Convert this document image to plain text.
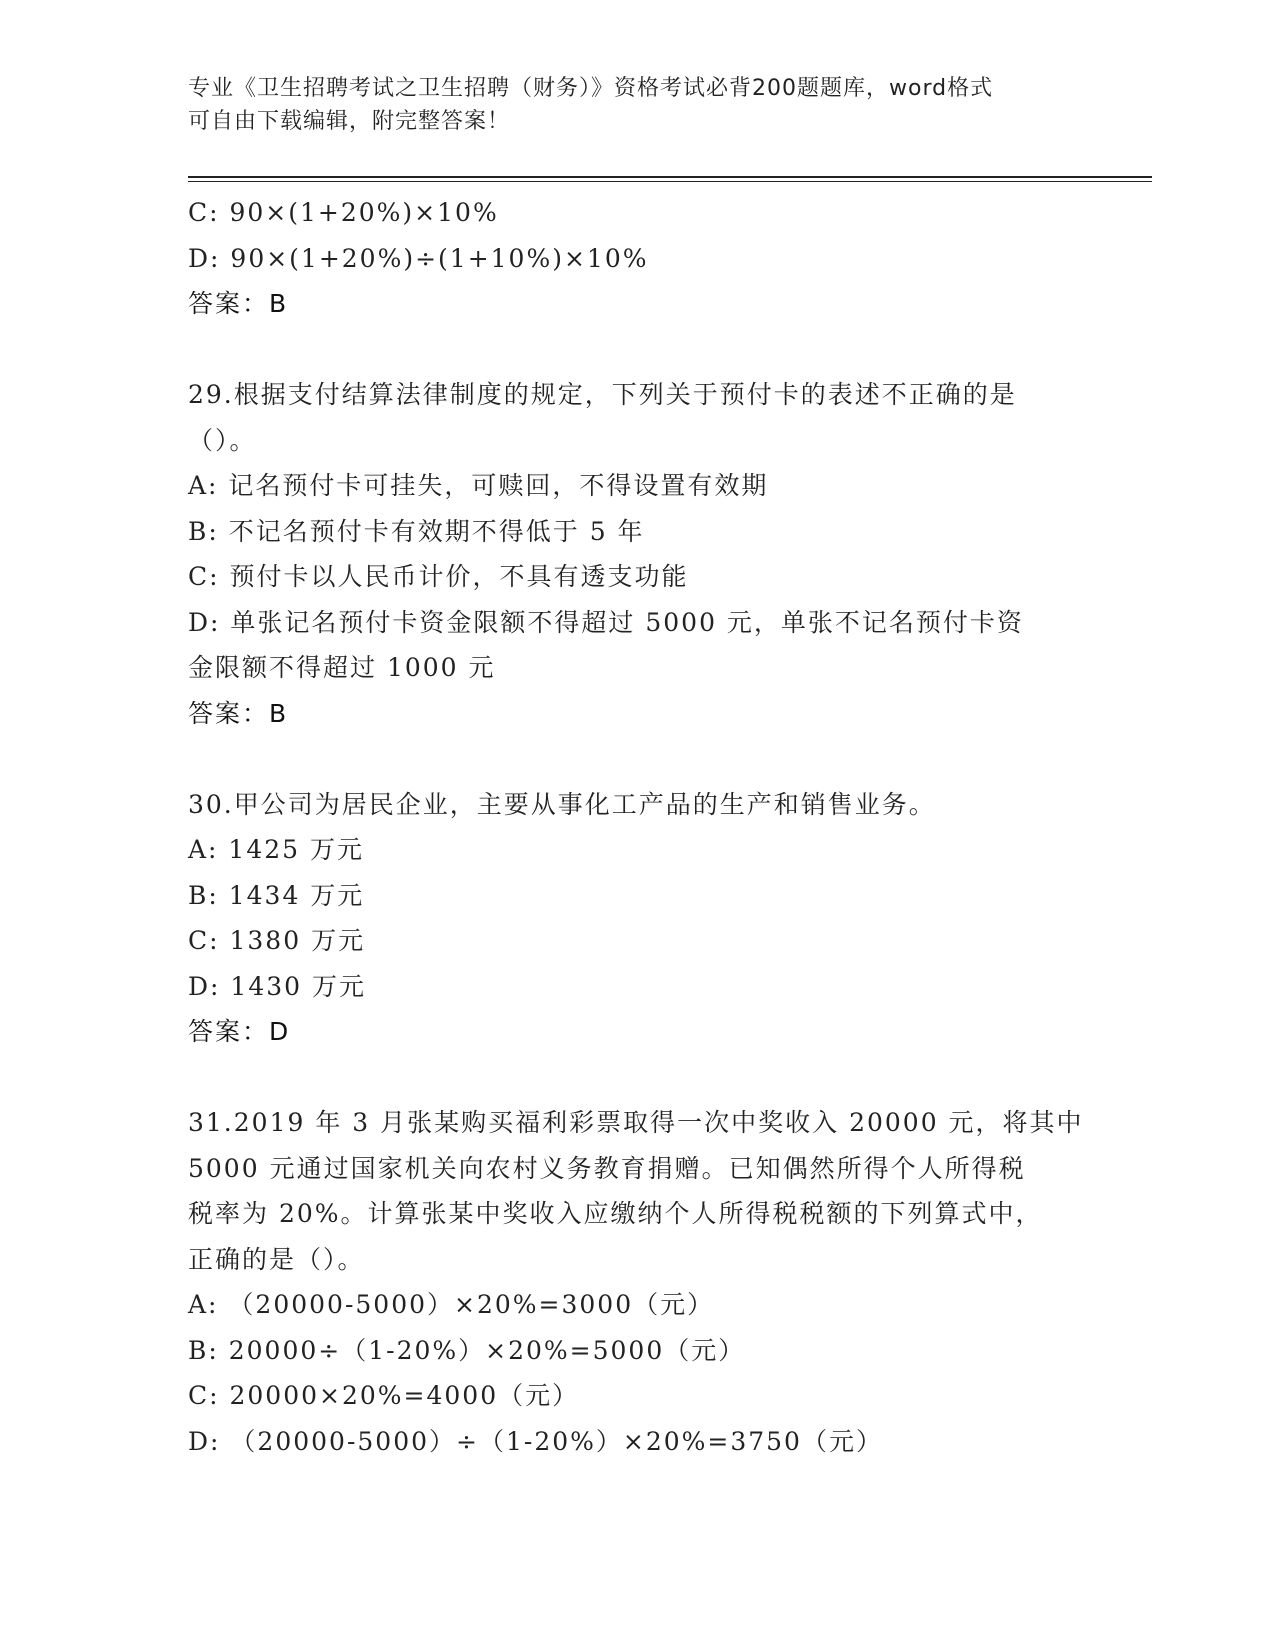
专业《卫生招聘考试之卫生招聘（财务）》资格考试必背200题题库，word格式
可自由下载编辑，附完整答案！
C: 90×(1+20%)×10%
D: 90×(1+20%)÷(1+10%)×10%
答案：B
29.根据支付结算法律制度的规定，下列关于预付卡的表述不正确的是
（）。
A: 记名预付卡可挂失，可赎回，不得设置有效期
B: 不记名预付卡有效期不得低于 5 年
C: 预付卡以人民币计价，不具有透支功能
D: 单张记名预付卡资金限额不得超过 5000 元，单张不记名预付卡资
金限额不得超过 1000 元
答案：B
30.甲公司为居民企业，主要从事化工产品的生产和销售业务。
A: 1425 万元
B: 1434 万元
C: 1380 万元
D: 1430 万元
答案：D
31.2019 年 3 月张某购买福利彩票取得一次中奖收入 20000 元，将其中
5000 元通过国家机关向农村义务教育捐赠。已知偶然所得个人所得税
税率为 20%。计算张某中奖收入应缴纳个人所得税税额的下列算式中，
正确的是（）。
A: （20000-5000）×20%=3000（元）
B: 20000÷（1-20%）×20%=5000（元）
C: 20000×20%=4000（元）
D: （20000-5000）÷（1-20%）×20%=3750（元）
